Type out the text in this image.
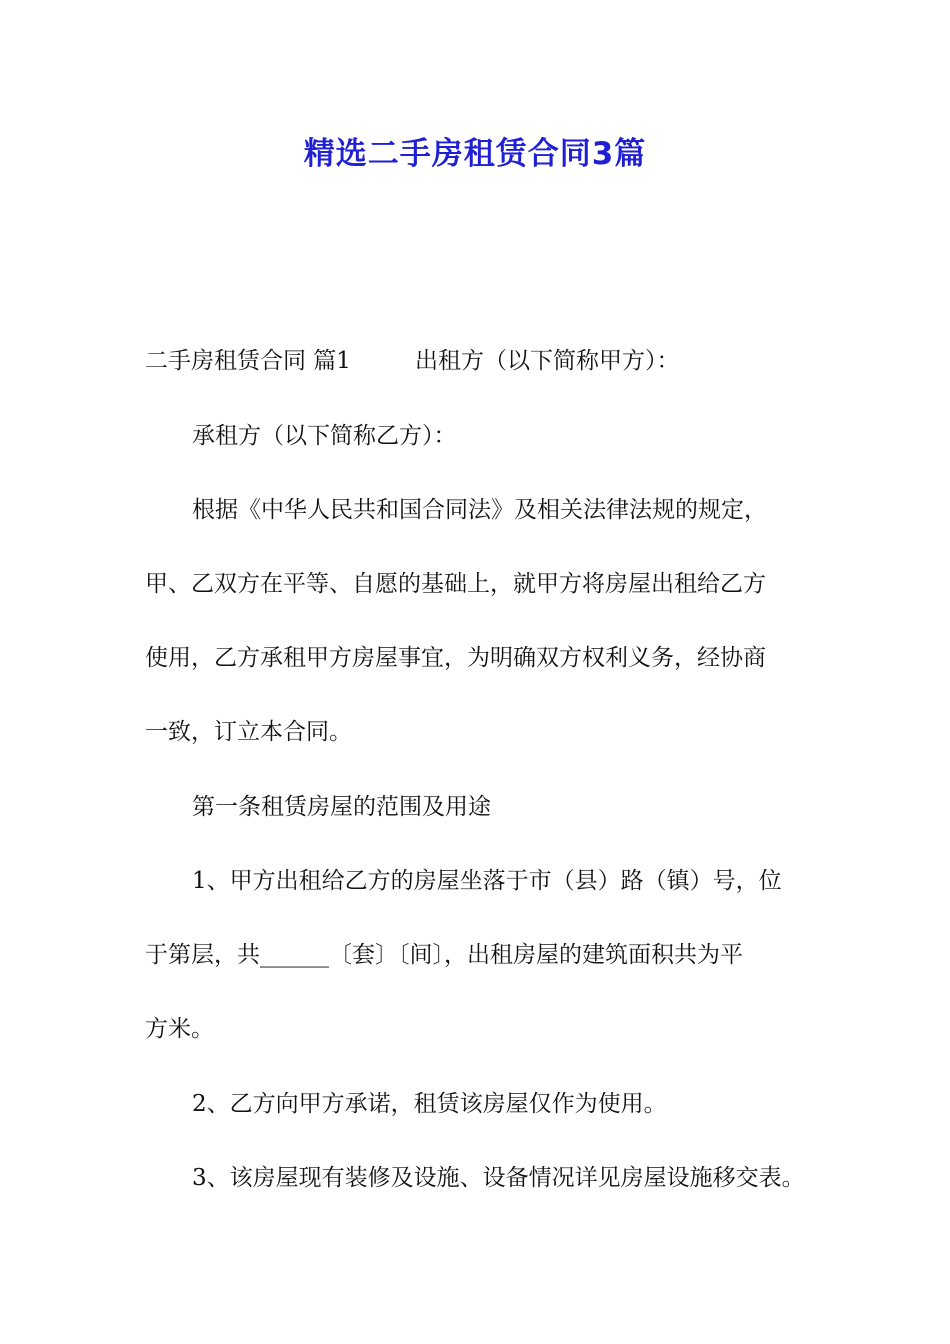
精选二手房租赁合同3篇
二手房租赁合同 篇1	出租方（以下简称甲方）：
承租方（以下简称乙方）：
根据《中华人民共和国合同法》及相关法律法规的规定，
甲、乙双方在平等、自愿的基础上，就甲方将房屋出租给乙方
使用，乙方承租甲方房屋事宜，为明确双方权利义务，经协商
一致，订立本合同。
第一条租赁房屋的范围及用途
1、甲方出租给乙方的房屋坐落于市（县）路（镇）号，位
于第层，共______〔套〕〔间〕，出租房屋的建筑面积共为平
方米。
2、乙方向甲方承诺，租赁该房屋仅作为使用。
3、该房屋现有装修及设施、设备情况详见房屋设施移交表。
